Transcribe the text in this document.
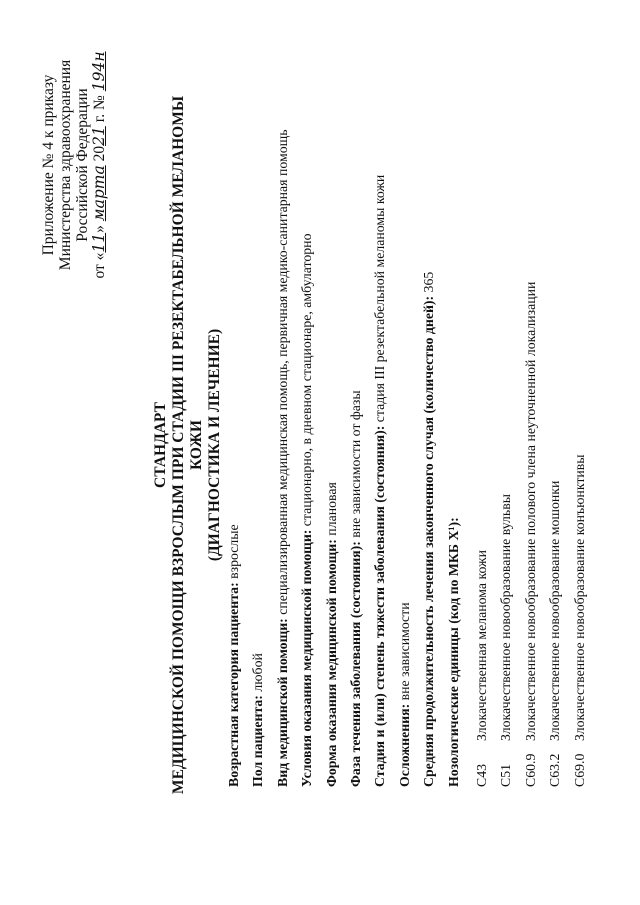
Приложение № 4 к приказу Министерства здравоохранения Российской Федерации
от «11» марта 2021 г. № 194н
СТАНДАРТ МЕДИЦИНСКОЙ ПОМОЩИ ВЗРОСЛЫМ ПРИ СТАДИИ III РЕЗЕКТАБЕЛЬНОЙ МЕЛАНОМЫ КОЖИ (ДИАГНОСТИКА И ЛЕЧЕНИЕ)
Возрастная категория пациента: взрослые
Пол пациента: любой Вид медицинской помощи: специализированная медицинская помощь, первичная медико-санитарная помощь
Условия оказания медицинской помощи: стационарно, в дневном стационаре, амбулаторно
Форма оказания медицинской помощи: плановая
Фаза течения заболевания (состояния): вне зависимости от фазы Стадия и (или) степень тяжести заболевания (состояния): стадия III резектабельной меланомы кожи
Осложнения: вне зависимости Средняя продолжительность лечения законченного случая (количество дней): 365
Нозологические единицы (код по МКБ X¹): C43Злокачественная меланома кожи
C51Злокачественное новообразование вульвы
C60.9Злокачественное новообразование полового члена неуточненной локализации
C63.2Злокачественное новообразование мошонки
C69.0Злокачественное новообразование конъюнктивы
